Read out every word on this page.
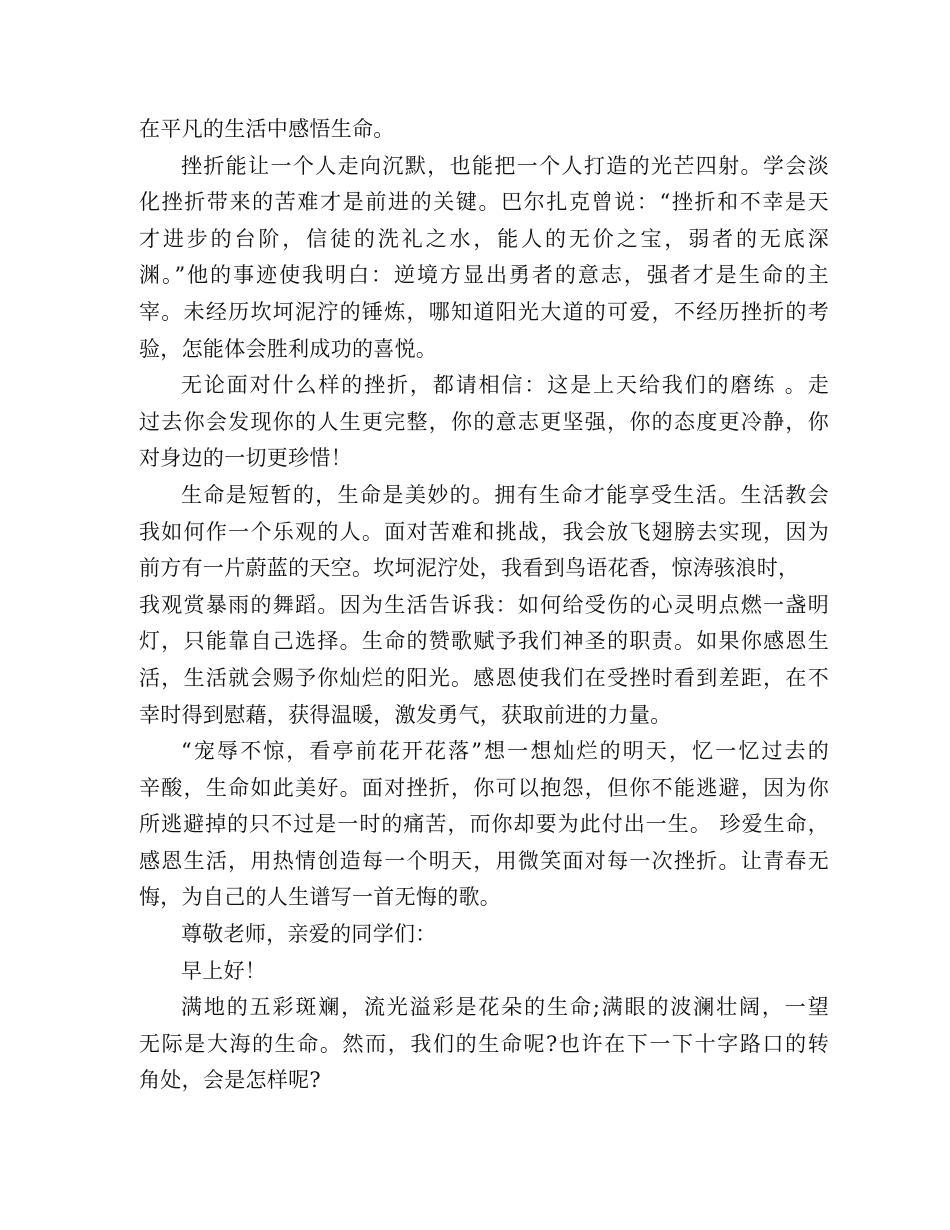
在平凡的生活中感悟生命。
挫折能让一个人走向沉默，也能把一个人打造的光芒四射。学会淡
化挫折带来的苦难才是前进的关键。巴尔扎克曾说：“挫折和不幸是天
才进步的台阶，信徒的洗礼之水，能人的无价之宝，弱者的无底深
渊。”他的事迹使我明白：逆境方显出勇者的意志，强者才是生命的主
宰。未经历坎坷泥泞的锤炼，哪知道阳光大道的可爱，不经历挫折的考
验，怎能体会胜利成功的喜悦。
无论面对什么样的挫折，都请相信：这是上天给我们的磨练 。走
过去你会发现你的人生更完整，你的意志更坚强，你的态度更冷静，你
对身边的一切更珍惜！
生命是短暂的，生命是美妙的。拥有生命才能享受生活。生活教会
我如何作一个乐观的人。面对苦难和挑战，我会放飞翅膀去实现，因为
前方有一片蔚蓝的天空。坎坷泥泞处，我看到鸟语花香，惊涛骇浪时，
我观赏暴雨的舞蹈。因为生活告诉我：如何给受伤的心灵明点燃一盏明
灯，只能靠自己选择。生命的赞歌赋予我们神圣的职责。如果你感恩生
活，生活就会赐予你灿烂的阳光。感恩使我们在受挫时看到差距，在不
幸时得到慰藉，获得温暖，激发勇气，获取前进的力量。
“宠辱不惊，看亭前花开花落”想一想灿烂的明天，忆一忆过去的
辛酸，生命如此美好。面对挫折，你可以抱怨，但你不能逃避，因为你
所逃避掉的只不过是一时的痛苦，而你却要为此付出一生。 珍爱生命，
感恩生活，用热情创造每一个明天，用微笑面对每一次挫折。让青春无
悔，为自己的人生谱写一首无悔的歌。
尊敬老师，亲爱的同学们：
早上好！
满地的五彩斑斓，流光溢彩是花朵的生命;满眼的波澜壮阔，一望
无际是大海的生命。然而，我们的生命呢?也许在下一下十字路口的转
角处，会是怎样呢?
